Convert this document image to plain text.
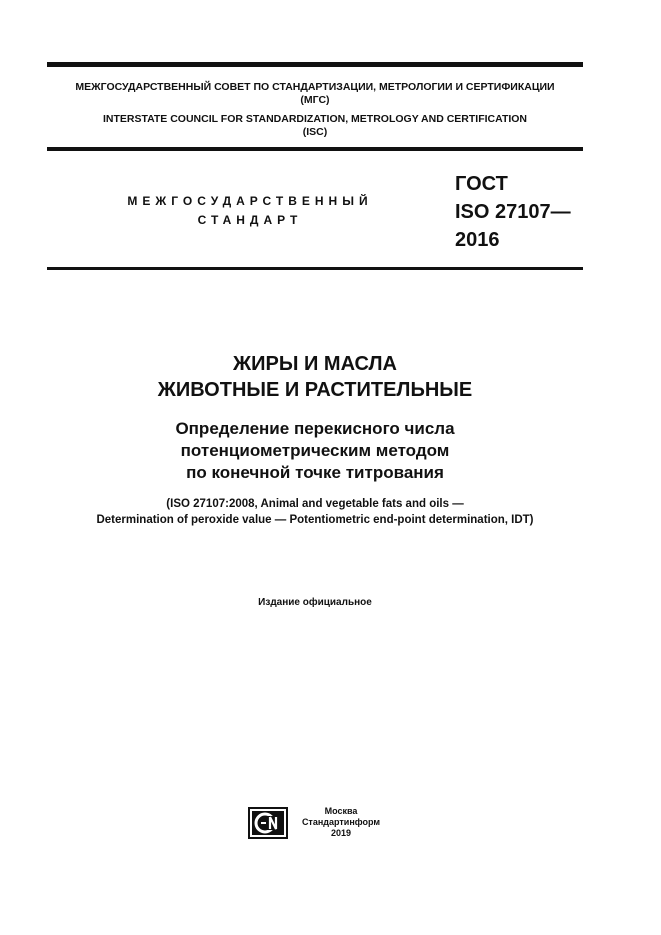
МЕЖГОСУДАРСТВЕННЫЙ СОВЕТ ПО СТАНДАРТИЗАЦИИ, МЕТРОЛОГИИ И СЕРТИФИКАЦИИ
(МГС)
INTERSTATE COUNCIL FOR STANDARDIZATION, METROLOGY AND CERTIFICATION
(ISC)
МЕЖГОСУДАРСТВЕННЫЙ
СТАНДАРТ
ГОСТ
ISO 27107—
2016
ЖИРЫ И МАСЛА
ЖИВОТНЫЕ И РАСТИТЕЛЬНЫЕ
Определение перекисного числа
потенциометрическим методом
по конечной точке титрования
(ISO 27107:2008, Animal and vegetable fats and oils —
Determination of peroxide value — Potentiometric end-point determination, IDT)
Издание официальное
Москва
Стандартинформ
2019
